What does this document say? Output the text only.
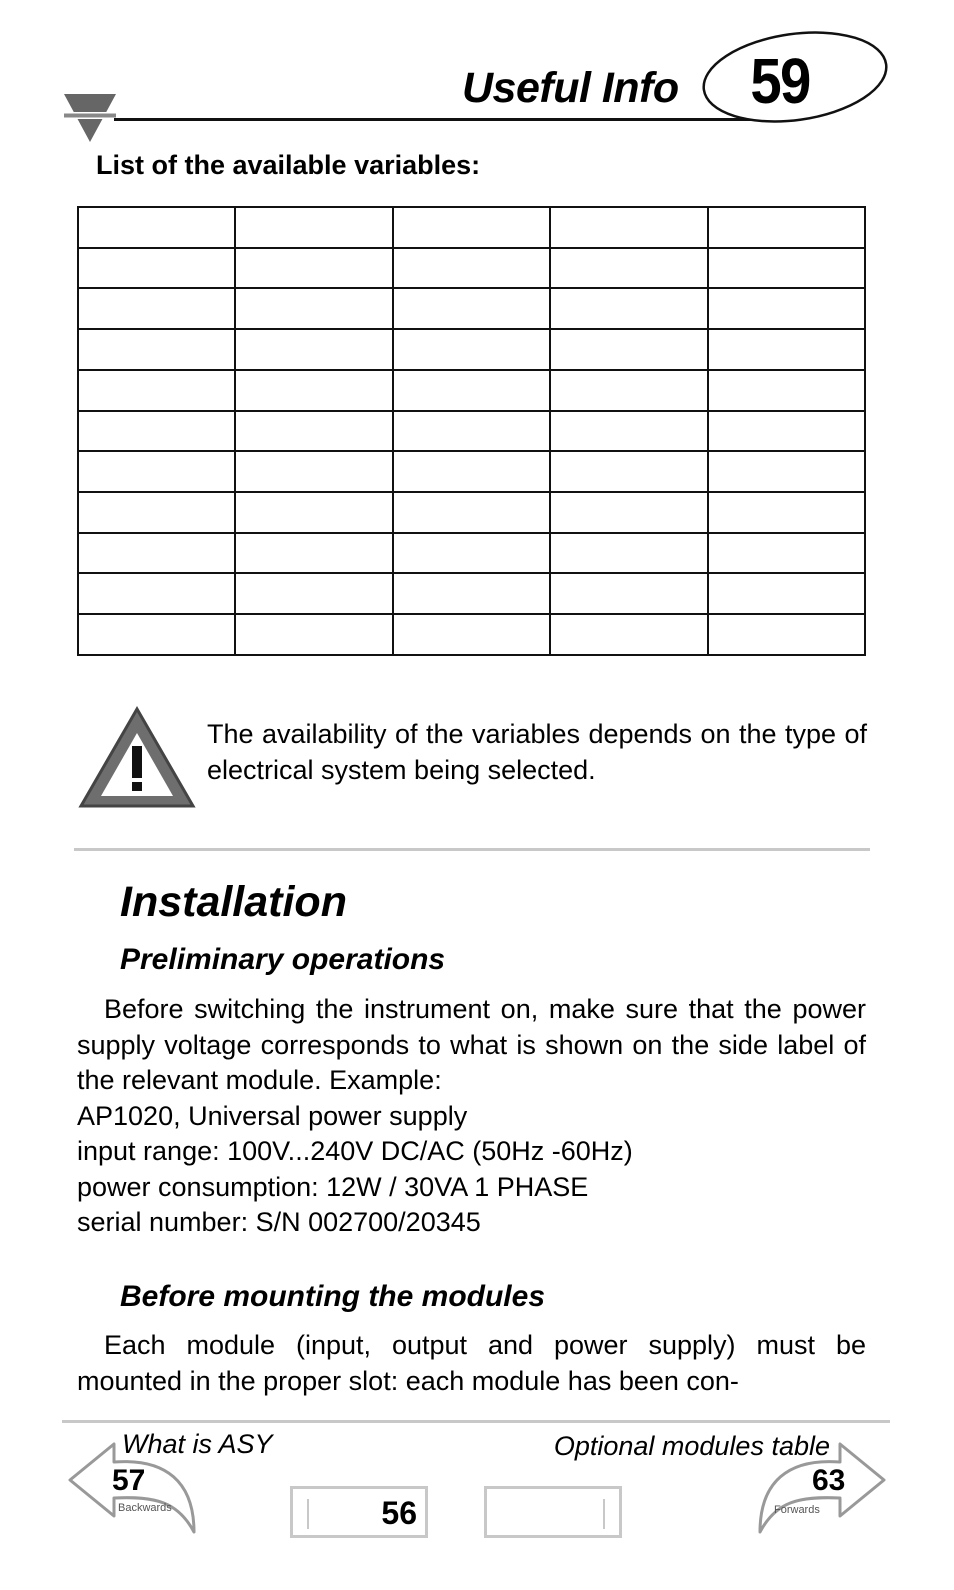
Useful Info 59
List of the available variables:

The availability of the variables depends on the type of electrical system being selected.
Installation
Preliminary operations

Before switching the instrument on, make sure that the power supply voltage corresponds to what is shown on the side label of the relevant module. Example:

AP1020, Universal power supply
input range: 100V...240V DC/AC (50Hz -60Hz)
power consumption: 12W / 30VA 1 PHASE
serial number: S/N 002700/20345
Before mounting the modules

Each module (input, output and power supply) must be mounted in the proper slot: each module has been con-

What is ASY
57
Backwards
Optional modules table
63
Forwards
56
